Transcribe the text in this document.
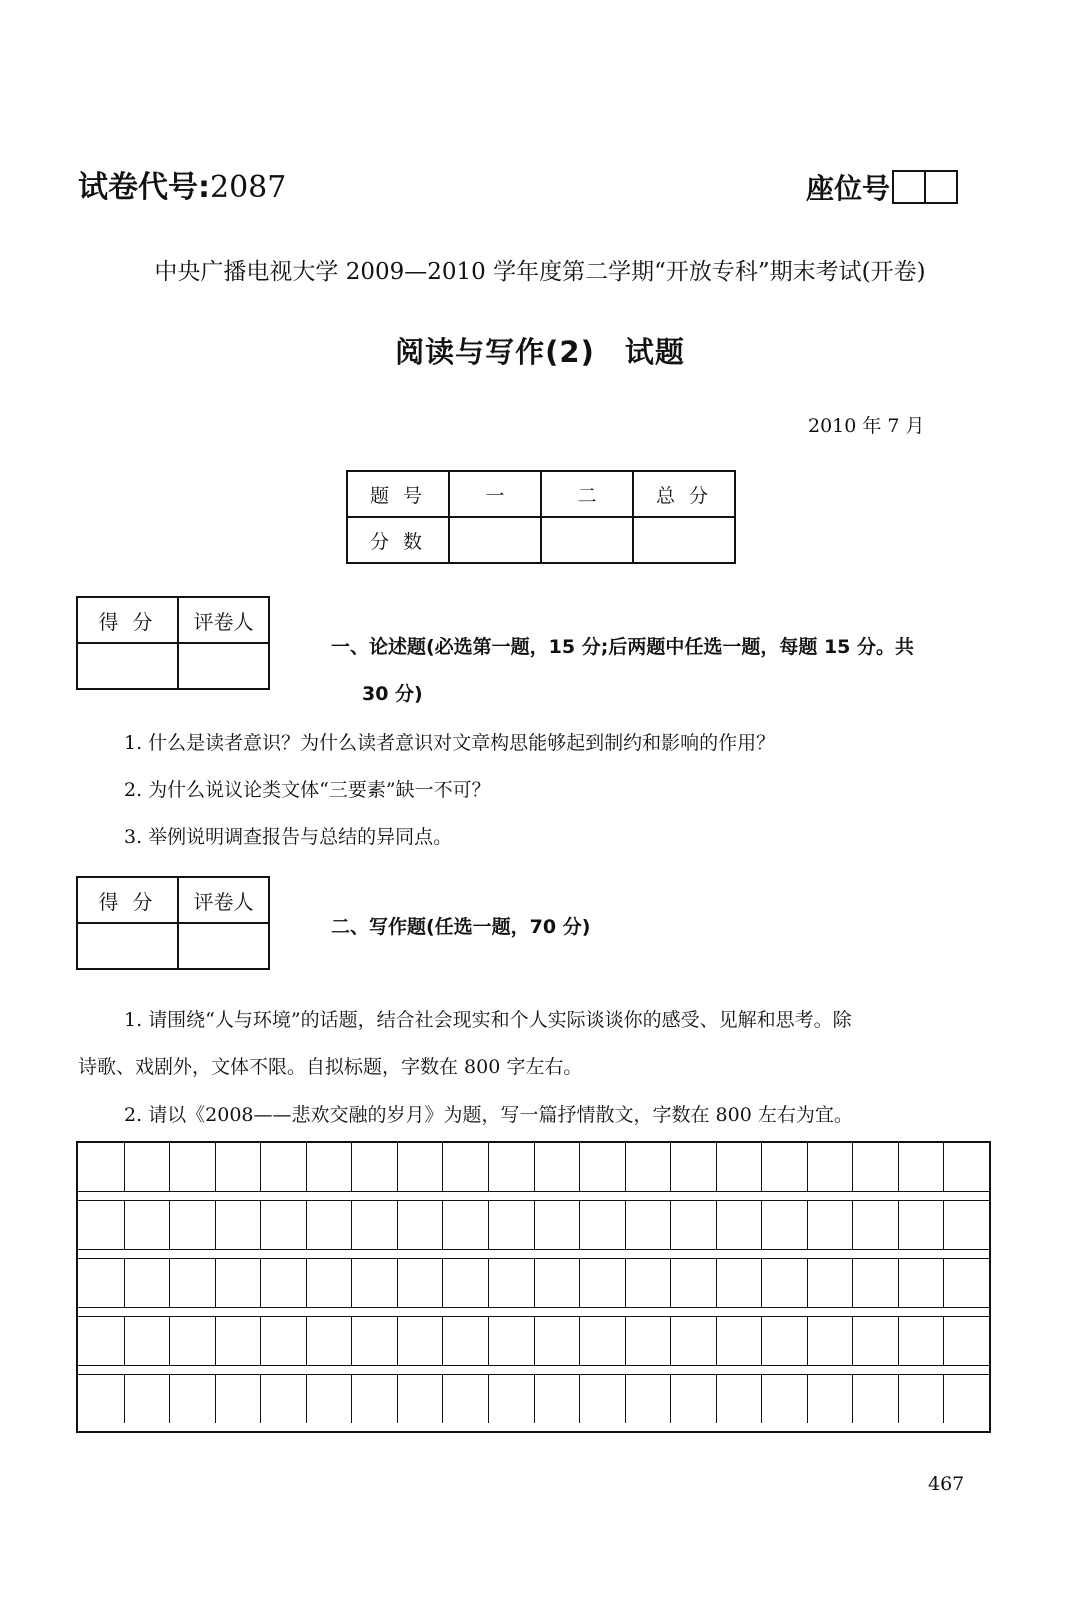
试卷代号:2087	座位号
中央广播电视大学 2009—2010 学年度第二学期“开放专科”期末考试(开卷)
阅读与写作(2)　试题
2010 年 7 月
题号	一	二	总分
分数			
得分	评卷人

一、论述题(必选第一题，15 分;后两题中任选一题，每题 15 分。共
30 分)
1. 什么是读者意识？为什么读者意识对文章构思能够起到制约和影响的作用？
2. 为什么说议论类文体“三要素”缺一不可？
3. 举例说明调查报告与总结的异同点。
得分	评卷人

二、写作题(任选一题，70 分)
1. 请围绕“人与环境”的话题，结合社会现实和个人实际谈谈你的感受、见解和思考。除
诗歌、戏剧外，文体不限。自拟标题，字数在 800 字左右。
2. 请以《2008——悲欢交融的岁月》为题，写一篇抒情散文，字数在 800 左右为宜。
467
